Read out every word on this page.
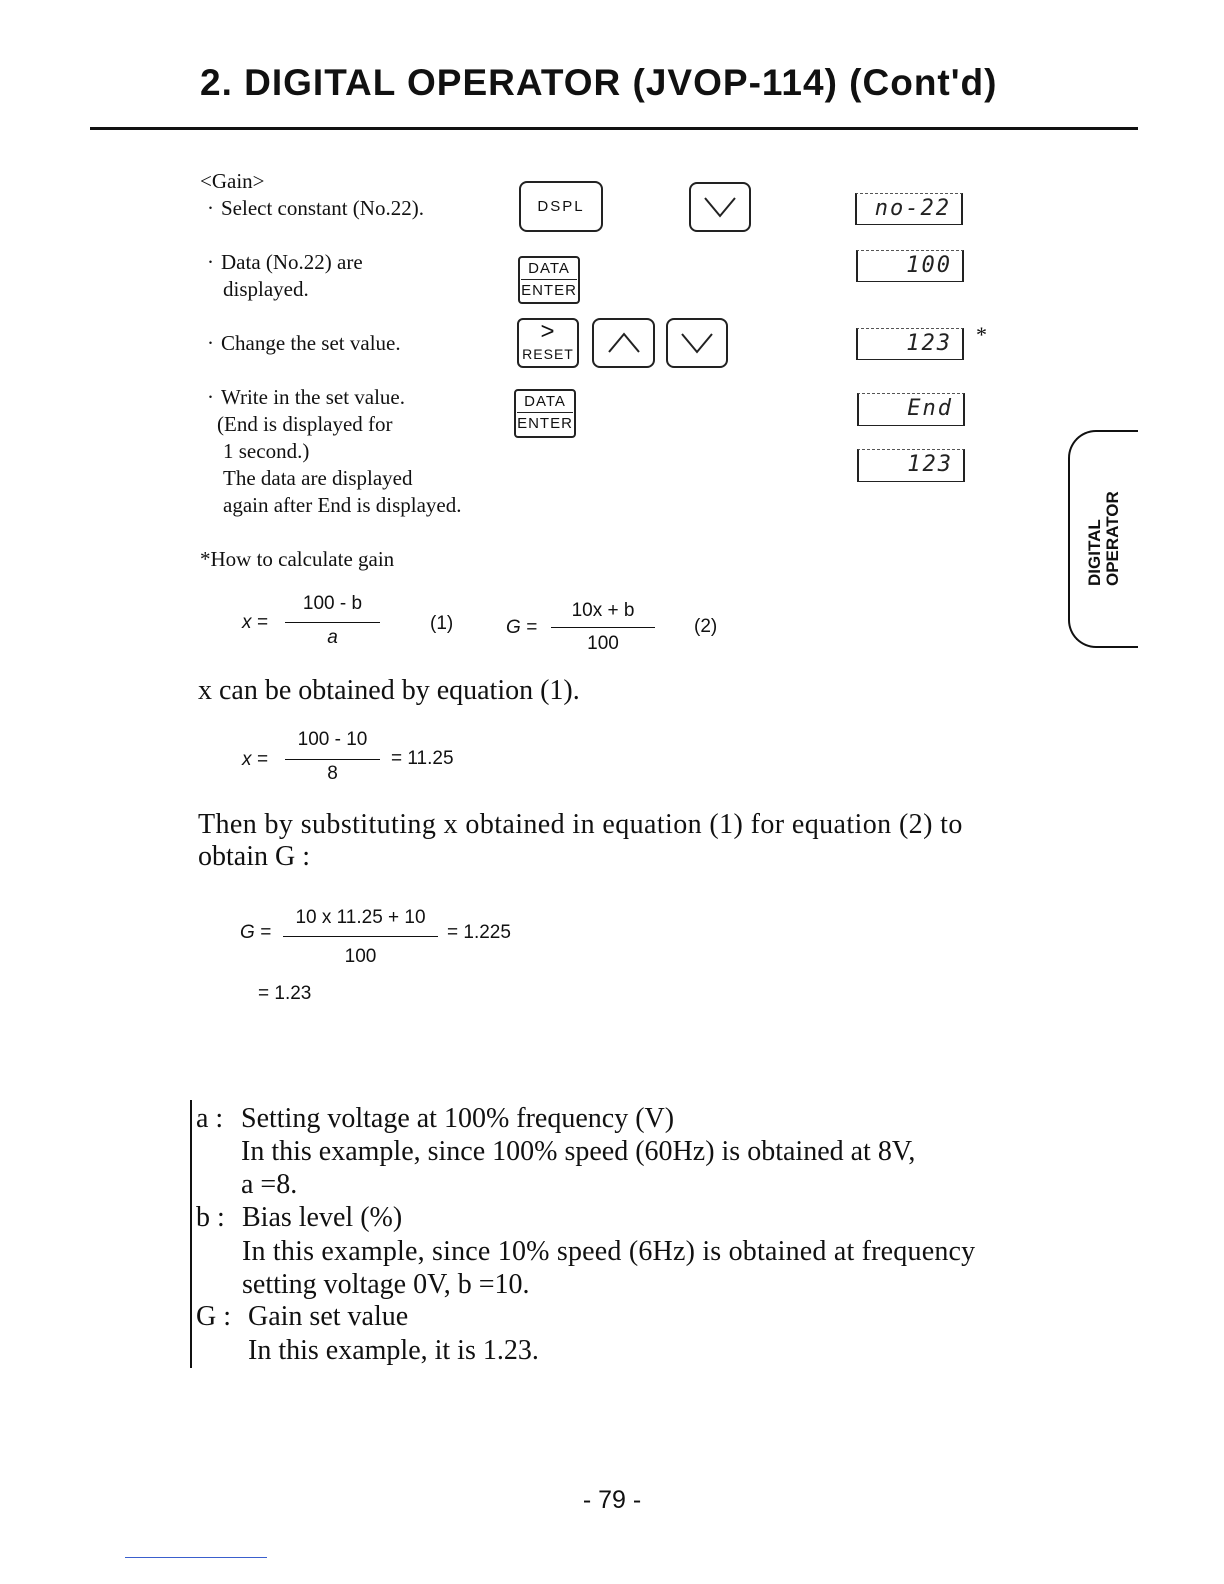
2. DIGITAL OPERATOR (JVOP-114) (Cont'd)
<Gain>
· Select constant (No.22).
· Data (No.22) are
displayed.
· Change the set value.
· Write in the set value.
(End is displayed for
1 second.)
The data are displayed
again after End is displayed.
DSPL
DATA
ENTER
>
RESET
DATA
ENTER
no-22
100
123	*
End
123
*How to calculate gain
x =
100 - b
a
(1)	G =
10x + b
100
(2)
x can be obtained by equation (1).
x =
100 - 10
8
= 11.25
Then by substituting x obtained in equation (1) for equation (2) to
obtain G :
G =
10 x 11.25 + 10
100
= 1.225
= 1.23
a : Setting voltage at 100% frequency (V)
In this example, since 100% speed (60Hz) is obtained at 8V,
a =8.
b : Bias level (%)
In this example, since 10% speed (6Hz) is obtained at frequency
setting voltage 0V, b =10.
G : Gain set value
In this example, it is 1.23.
DIGITAL OPERATOR
- 79 -
